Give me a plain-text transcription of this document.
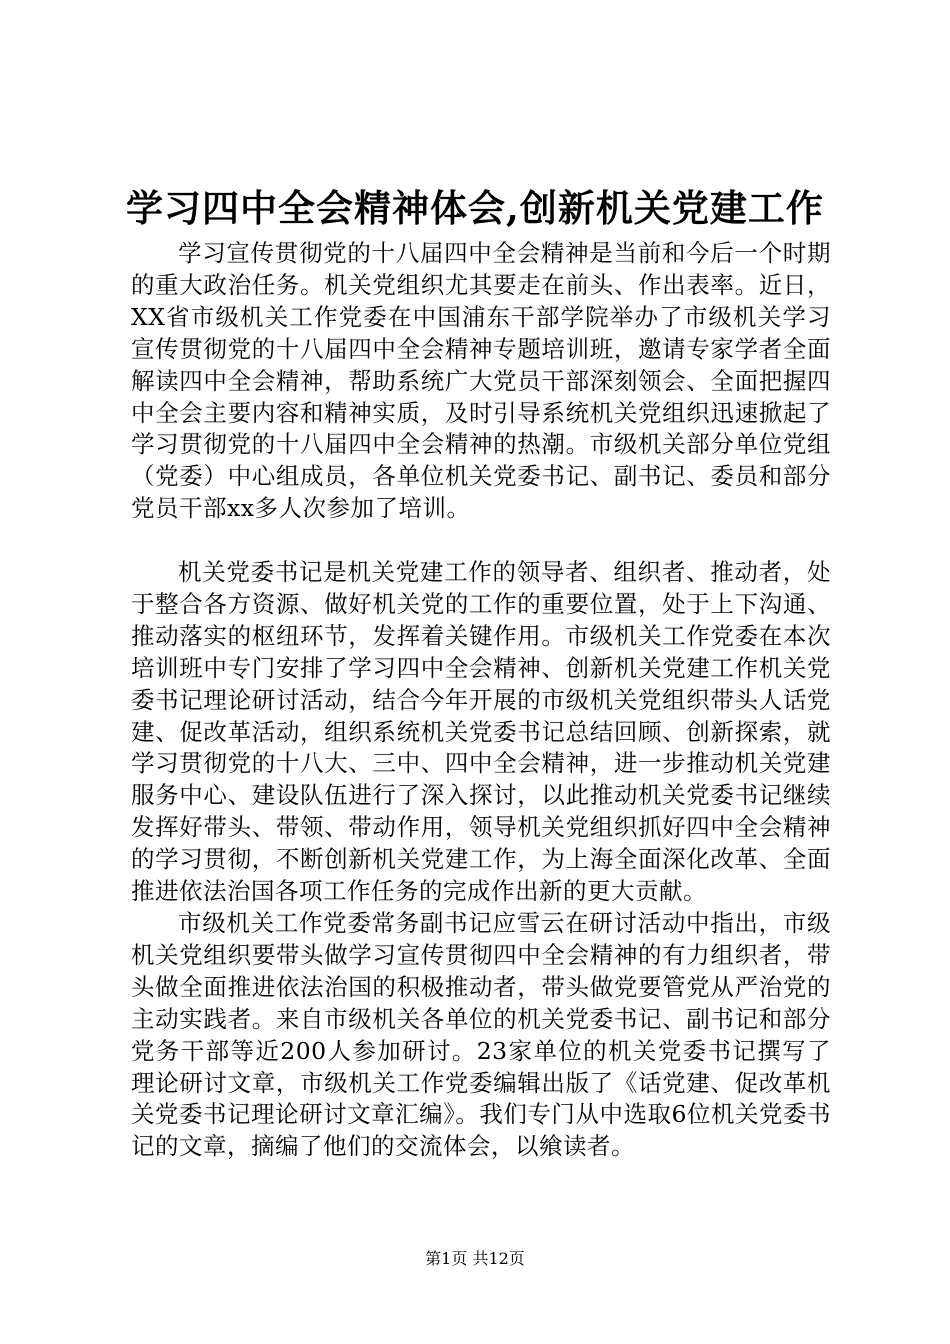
学习四中全会精神体会,创新机关党建工作

学习宣传贯彻党的十八届四中全会精神是当前和今后一个时期的重大政治任务。机关党组织尤其要走在前头、作出表率。近日，XX省市级机关工作党委在中国浦东干部学院举办了市级机关学习宣传贯彻党的十八届四中全会精神专题培训班，邀请专家学者全面解读四中全会精神，帮助系统广大党员干部深刻领会、全面把握四中全会主要内容和精神实质，及时引导系统机关党组织迅速掀起了学习贯彻党的十八届四中全会精神的热潮。市级机关部分单位党组（党委）中心组成员，各单位机关党委书记、副书记、委员和部分党员干部xx多人次参加了培训。

机关党委书记是机关党建工作的领导者、组织者、推动者，处于整合各方资源、做好机关党的工作的重要位置，处于上下沟通、推动落实的枢纽环节，发挥着关键作用。市级机关工作党委在本次培训班中专门安排了学习四中全会精神、创新机关党建工作机关党委书记理论研讨活动，结合今年开展的市级机关党组织带头人话党建、促改革活动，组织系统机关党委书记总结回顾、创新探索，就学习贯彻党的十八大、三中、四中全会精神，进一步推动机关党建服务中心、建设队伍进行了深入探讨，以此推动机关党委书记继续发挥好带头、带领、带动作用，领导机关党组织抓好四中全会精神的学习贯彻，不断创新机关党建工作，为上海全面深化改革、全面推进依法治国各项工作任务的完成作出新的更大贡献。

市级机关工作党委常务副书记应雪云在研讨活动中指出，市级机关党组织要带头做学习宣传贯彻四中全会精神的有力组织者，带头做全面推进依法治国的积极推动者，带头做党要管党从严治党的主动实践者。来自市级机关各单位的机关党委书记、副书记和部分党务干部等近200人参加研讨。23家单位的机关党委书记撰写了理论研讨文章，市级机关工作党委编辑出版了《话党建、促改革机关党委书记理论研讨文章汇编》。我们专门从中选取6位机关党委书记的文章，摘编了他们的交流体会，以飨读者。

第1页 共12页
